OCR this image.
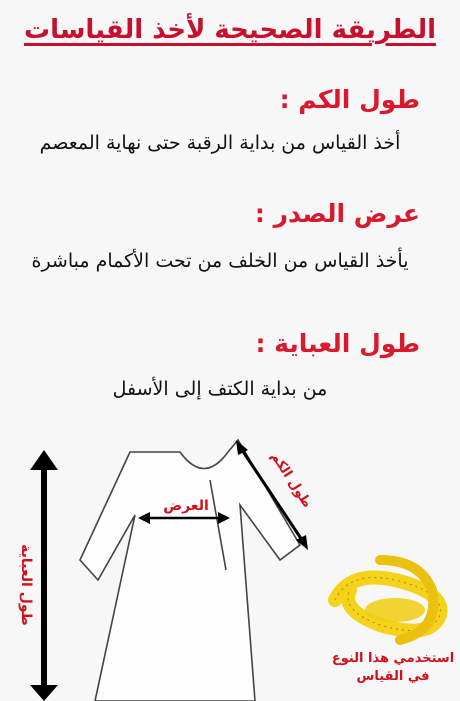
الطريقة الصحيحة لأخذ القياسات
طول الكم :
أخذ القياس من بداية الرقبة حتى نهاية المعصم
عرض الصدر :
يأخذ القياس من الخلف من تحت الأكمام مباشرة
طول العباية :
من بداية الكتف إلى الأسفل
طول العباية
العرض	طول الكم
استخدمي هذا النوع في القياس
